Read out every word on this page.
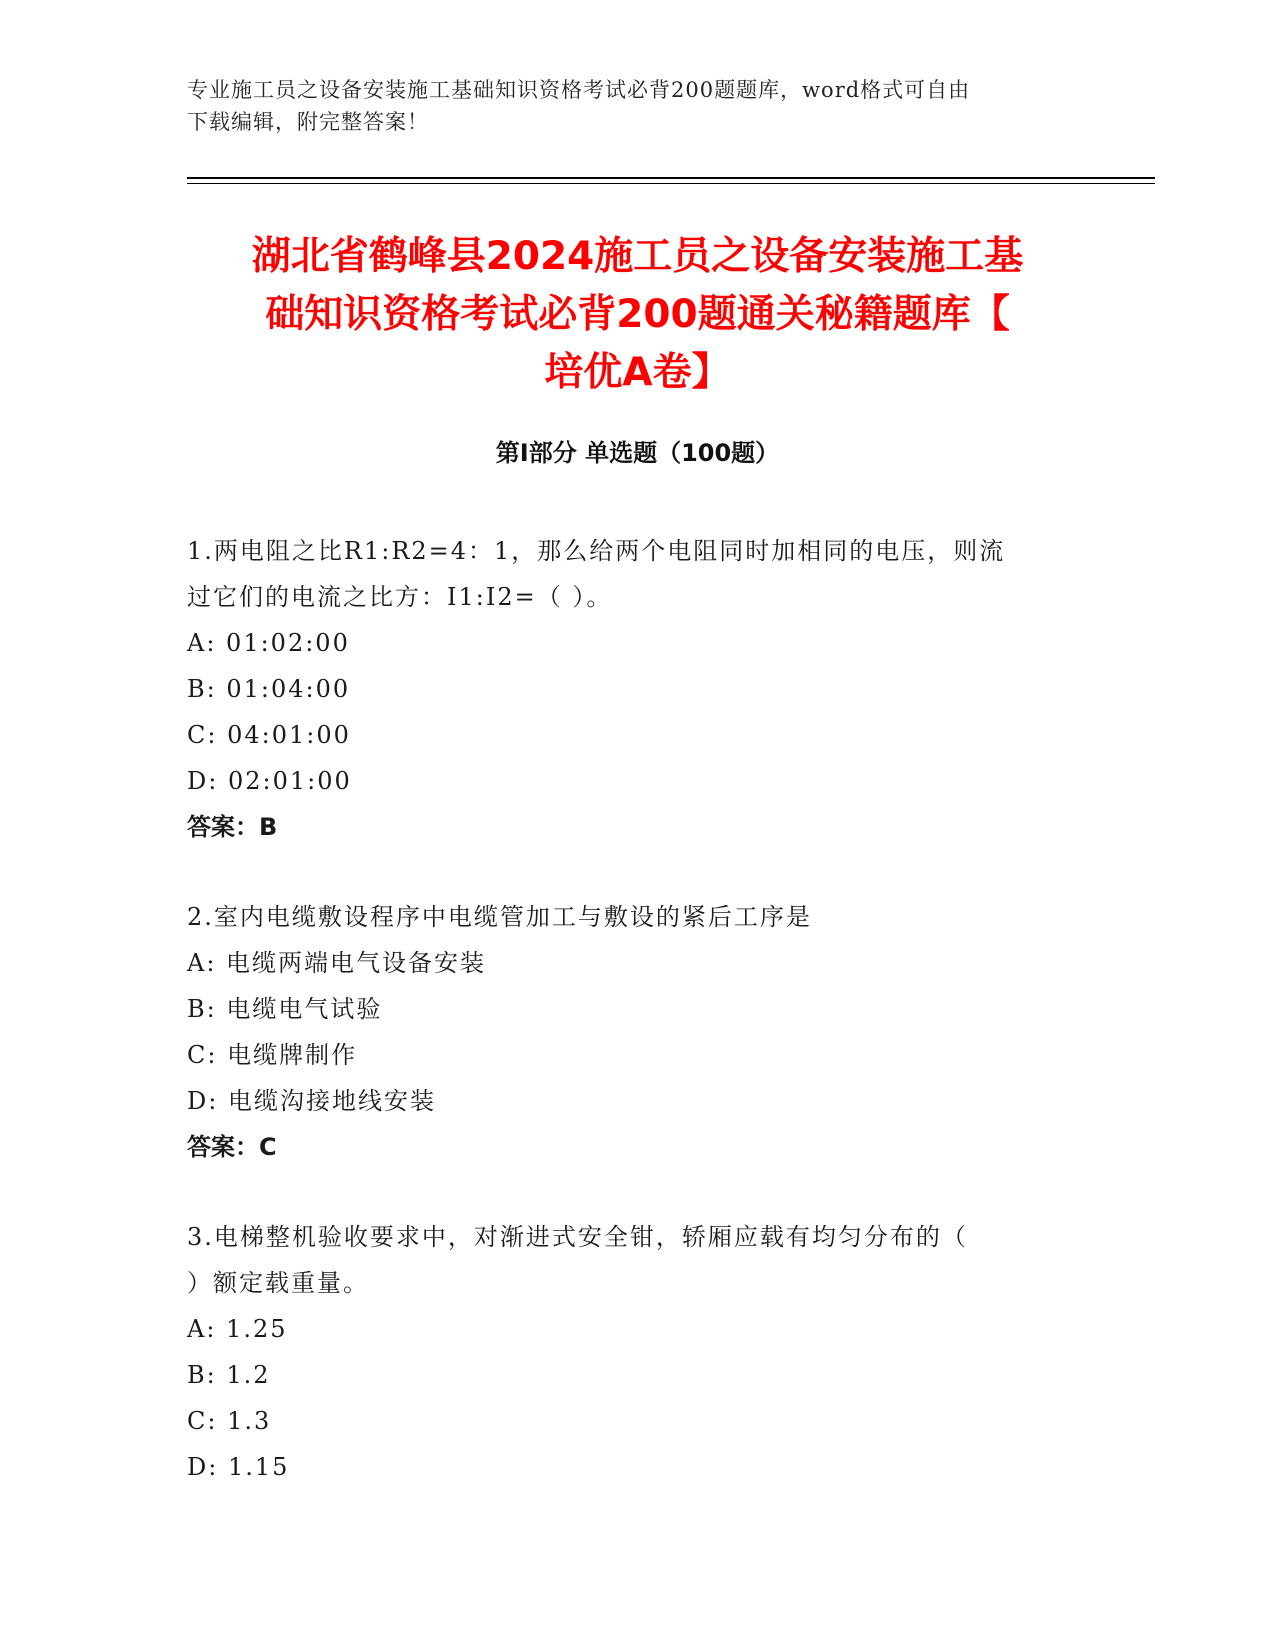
专业施工员之设备安装施工基础知识资格考试必背200题题库，word格式可自由
下载编辑，附完整答案！
湖北省鹤峰县2024施工员之设备安装施工基
础知识资格考试必背200题通关秘籍题库【
培优A卷】
第Ⅰ部分 单选题（100题）

1.两电阻之比R1:R2=4：1，那么给两个电阻同时加相同的电压，则流

过它们的电流之比方：I1:I2=（ ）。

A: 01:02:00

B: 01:04:00

C: 04:01:00

D: 02:01:00

答案：B

2.室内电缆敷设程序中电缆管加工与敷设的紧后工序是

A: 电缆两端电气设备安装

B: 电缆电气试验

C: 电缆牌制作

D: 电缆沟接地线安装

答案：C

3.电梯整机验收要求中，对渐进式安全钳，轿厢应载有均匀分布的（

）额定载重量。

A: 1.25

B: 1.2

C: 1.3

D: 1.15
